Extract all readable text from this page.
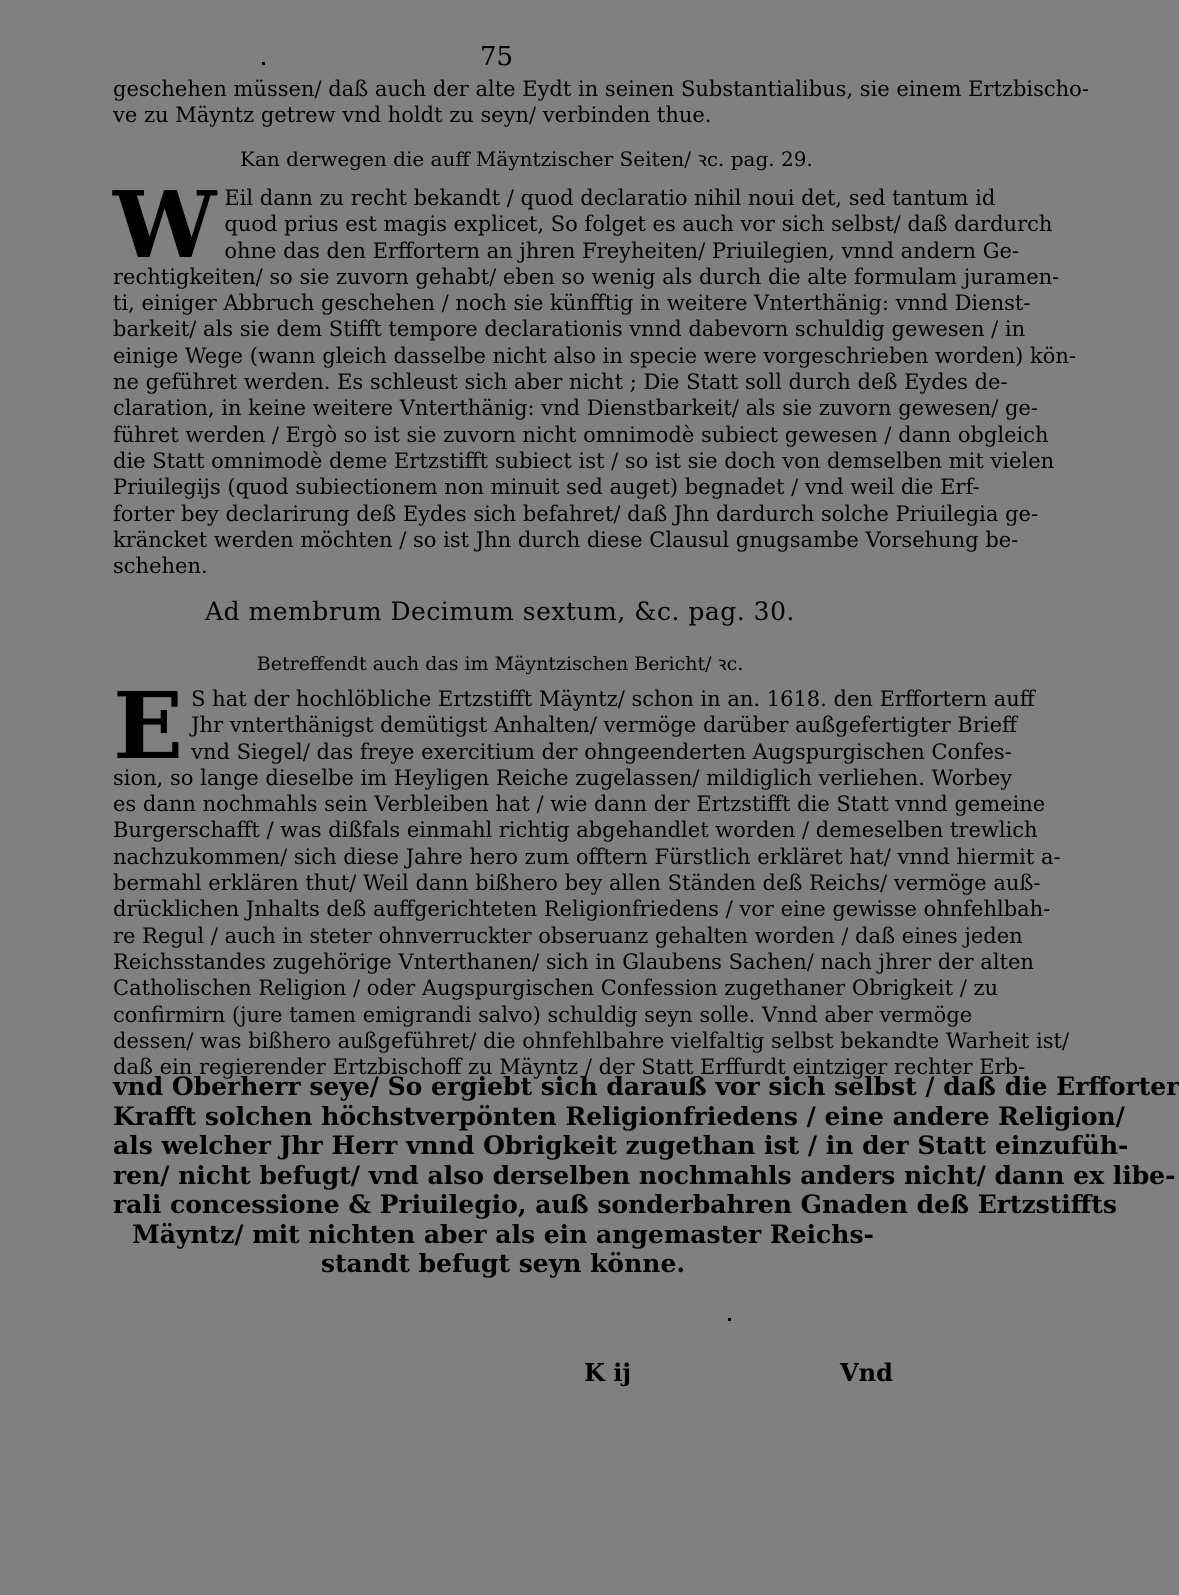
75
geschehen müssen/ daß auch der alte Eydt in seinen Substantialibus, sie einem Ertzbischo-
ve zu Mäyntz getrew vnd holdt zu seyn/ verbinden thue.
Kan derwegen die auff Mäyntzischer Seiten/ ꝛc. pag. 29.
W Eil dann zu recht bekandt / quod declaratio nihil noui det, sed tantum id
quod prius est magis explicet, So folget es auch vor sich selbst/ daß dardurch
ohne das den Erffortern an jhren Freyheiten/ Priuilegien, vnnd andern Ge-
rechtigkeiten/ so sie zuvorn gehabt/ eben so wenig als durch die alte formulam juramen-
ti, einiger Abbruch geschehen / noch sie künfftig in weitere Vnterthänig: vnnd Dienst-
barkeit/ als sie dem Stifft tempore declarationis vnnd dabevorn schuldig gewesen / in
einige Wege (wann gleich dasselbe nicht also in specie were vorgeschrieben worden) kön-
ne geführet werden. Es schleust sich aber nicht ; Die Statt soll durch deß Eydes de-
claration, in keine weitere Vnterthänig: vnd Dienstbarkeit/ als sie zuvorn gewesen/ ge-
führet werden / Ergò so ist sie zuvorn nicht omnimodè subiect gewesen / dann obgleich
die Statt omnimodè deme Ertzstifft subiect ist / so ist sie doch von demselben mit vielen
Priuilegijs (quod subiectionem non minuit sed auget) begnadet / vnd weil die Erf-
forter bey declarirung deß Eydes sich befahret/ daß Jhn dardurch solche Priuilegia ge-
kräncket werden möchten / so ist Jhn durch diese Clausul gnugsambe Vorsehung be-
schehen.
Ad membrum Decimum sextum, &c. pag. 30.
Betreffendt auch das im Mäyntzischen Bericht/ ꝛc.
E S hat der hochlöbliche Ertzstifft Mäyntz/ schon in an. 1618. den Erffortern auff
Jhr vnterthänigst demütigst Anhalten/ vermöge darüber außgefertigter Brieff
vnd Siegel/ das freye exercitium der ohngeenderten Augspurgischen Confes-
sion, so lange dieselbe im Heyligen Reiche zugelassen/ mildiglich verliehen. Worbey
es dann nochmahls sein Verbleiben hat / wie dann der Ertzstifft die Statt vnnd gemeine
Burgerschafft / was dißfals einmahl richtig abgehandlet worden / demeselben trewlich
nachzukommen/ sich diese Jahre hero zum offtern Fürstlich erkläret hat/ vnnd hiermit a-
bermahl erklären thut/ Weil dann bißhero bey allen Ständen deß Reichs/ vermöge auß-
drücklichen Jnhalts deß auffgerichteten Religionfriedens / vor eine gewisse ohnfehlbah-
re Regul / auch in steter ohnverruckter obseruanz gehalten worden / daß eines jeden
Reichsstandes zugehörige Vnterthanen/ sich in Glaubens Sachen/ nach jhrer der alten
Catholischen Religion / oder Augspurgischen Confession zugethaner Obrigkeit / zu
confirmirn (jure tamen emigrandi salvo) schuldig seyn solle. Vnnd aber vermöge
dessen/ was bißhero außgeführet/ die ohnfehlbahre vielfaltig selbst bekandte Warheit ist/
daß ein regierender Ertzbischoff zu Mäyntz / der Statt Erffurdt eintziger rechter Erb-
vnd Oberherr seye/ So ergiebt sich darauß vor sich selbst / daß die Erfforter
Krafft solchen höchstverpönten Religionfriedens / eine andere Religion/
als welcher Jhr Herr vnnd Obrigkeit zugethan ist / in der Statt einzufüh-
ren/ nicht befugt/ vnd also derselben nochmahls anders nicht/ dann ex libe-
rali concessione & Priuilegio, auß sonderbahren Gnaden deß Ertzstiffts
Mäyntz/ mit nichten aber als ein angemaster Reichs-
standt befugt seyn könne.
K ij	Vnd
